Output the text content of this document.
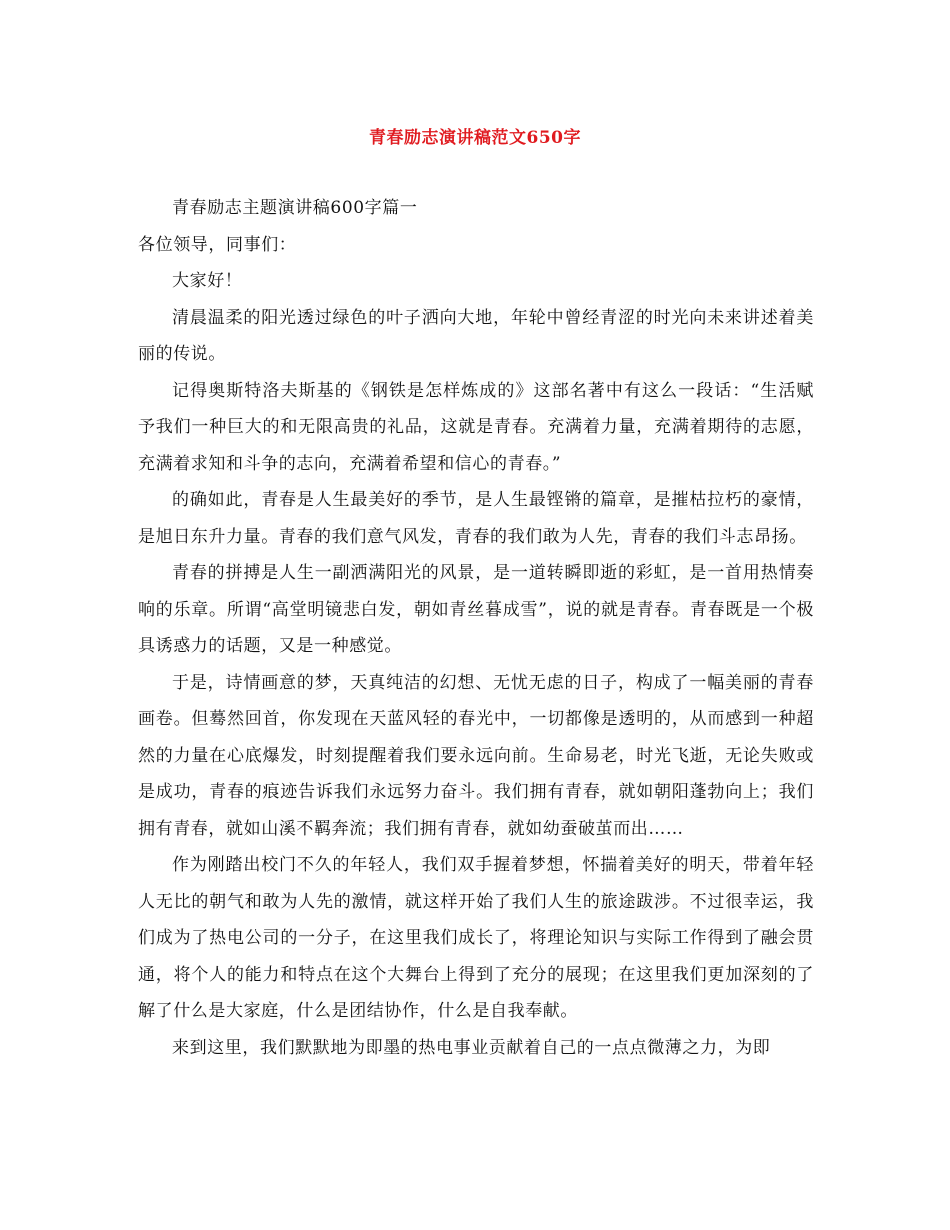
青春励志演讲稿范文650字

青春励志主题演讲稿600字篇一

各位领导，同事们：

大家好！

清晨温柔的阳光透过绿色的叶子洒向大地，年轮中曾经青涩的时光向未来讲述着美丽的传说。

记得奥斯特洛夫斯基的《钢铁是怎样炼成的》这部名著中有这么一段话：“生活赋予我们一种巨大的和无限高贵的礼品，这就是青春。充满着力量，充满着期待的志愿，充满着求知和斗争的志向，充满着希望和信心的青春。”

的确如此，青春是人生最美好的季节，是人生最铿锵的篇章，是摧枯拉朽的豪情，是旭日东升力量。青春的我们意气风发，青春的我们敢为人先，青春的我们斗志昂扬。

青春的拼搏是人生一副洒满阳光的风景，是一道转瞬即逝的彩虹，是一首用热情奏响的乐章。所谓“高堂明镜悲白发，朝如青丝暮成雪”，说的就是青春。青春既是一个极具诱惑力的话题，又是一种感觉。

于是，诗情画意的梦，天真纯洁的幻想、无忧无虑的日子，构成了一幅美丽的青春画卷。但蓦然回首，你发现在天蓝风轻的春光中，一切都像是透明的，从而感到一种超然的力量在心底爆发，时刻提醒着我们要永远向前。生命易老，时光飞逝，无论失败或是成功，青春的痕迹告诉我们永远努力奋斗。我们拥有青春，就如朝阳蓬勃向上；我们拥有青春，就如山溪不羁奔流；我们拥有青春，就如幼蚕破茧而出……

作为刚踏出校门不久的年轻人，我们双手握着梦想，怀揣着美好的明天，带着年轻人无比的朝气和敢为人先的激情，就这样开始了我们人生的旅途跋涉。不过很幸运，我们成为了热电公司的一分子，在这里我们成长了，将理论知识与实际工作得到了融会贯通，将个人的能力和特点在这个大舞台上得到了充分的展现；在这里我们更加深刻的了解了什么是大家庭，什么是团结协作，什么是自我奉献。

来到这里，我们默默地为即墨的热电事业贡献着自己的一点点微薄之力，为即
